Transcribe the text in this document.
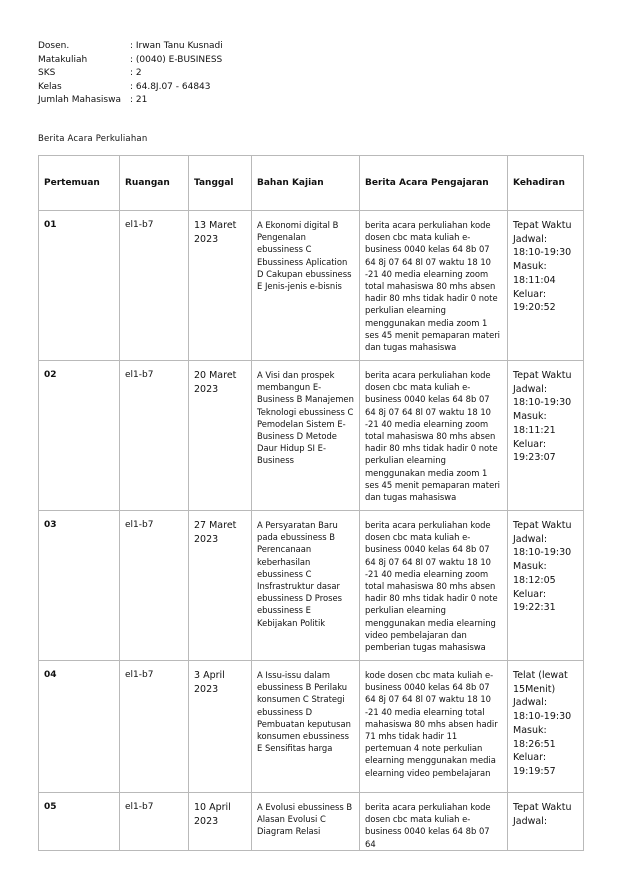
Dosen.	: Irwan Tanu Kusnadi
Matakuliah	: (0040) E-BUSINESS
SKS	: 2
Kelas	: 64.8J.07 - 64843
Jumlah Mahasiswa	: 21
Berita Acara Perkuliahan
Pertemuan	Ruangan	Tanggal	Bahan Kajian	Berita Acara Pengajaran	Kehadiran
01	el1-b7	13 Maret 2023	A Ekonomi digital B Pengenalan ebussiness C Ebussiness Aplication D Cakupan ebussiness E Jenis-jenis e-bisnis	berita acara perkuliahan kode dosen cbc mata kuliah e-business 0040 kelas 64 8b 07 64 8j 07 64 8l 07 waktu 18 10 -21 40 media elearning zoom total mahasiswa 80 mhs absen hadir 80 mhs tidak hadir 0 note perkulian elearning menggunakan media zoom 1 ses 45 menit pemaparan materi dan tugas mahasiswa	Tepat Waktu Jadwal: 18:10-19:30 Masuk: 18:11:04 Keluar: 19:20:52
02	el1-b7	20 Maret 2023	A Visi dan prospek membangun E-Business B Manajemen Teknologi ebussiness C Pemodelan Sistem E-Business D Metode Daur Hidup SI E-Business	berita acara perkuliahan kode dosen cbc mata kuliah e-business 0040 kelas 64 8b 07 64 8j 07 64 8l 07 waktu 18 10 -21 40 media elearning zoom total mahasiswa 80 mhs absen hadir 80 mhs tidak hadir 0 note perkulian elearning menggunakan media zoom 1 ses 45 menit pemaparan materi dan tugas mahasiswa	Tepat Waktu Jadwal: 18:10-19:30 Masuk: 18:11:21 Keluar: 19:23:07
03	el1-b7	27 Maret 2023	A Persyaratan Baru pada ebussiness B Perencanaan keberhasilan ebussiness C Insfrastruktur dasar ebussiness D Proses ebussiness E Kebijakan Politik	berita acara perkuliahan kode dosen cbc mata kuliah e-business 0040 kelas 64 8b 07 64 8j 07 64 8l 07 waktu 18 10 -21 40 media elearning zoom total mahasiswa 80 mhs absen hadir 80 mhs tidak hadir 0 note perkulian elearning menggunakan media elearning video pembelajaran dan pemberian tugas mahasiswa	Tepat Waktu Jadwal: 18:10-19:30 Masuk: 18:12:05 Keluar: 19:22:31
04	el1-b7	3 April 2023	A Issu-issu dalam ebussiness B Perilaku konsumen C Strategi ebussiness D Pembuatan keputusan konsumen ebussiness E Sensifitas harga	kode dosen cbc mata kuliah e-business 0040 kelas 64 8b 07 64 8j 07 64 8l 07 waktu 18 10 -21 40 media elearning total mahasiswa 80 mhs absen hadir 71 mhs tidak hadir 11 pertemuan 4 note perkulian elearning menggunakan media elearning video pembelajaran	Telat (lewat 15Menit) Jadwal: 18:10-19:30 Masuk: 18:26:51 Keluar: 19:19:57
05	el1-b7	10 April 2023	A Evolusi ebussiness B Alasan Evolusi C Diagram Relasi	berita acara perkuliahan kode dosen cbc mata kuliah e-business 0040 kelas 64 8b 07 64	Tepat Waktu Jadwal:
